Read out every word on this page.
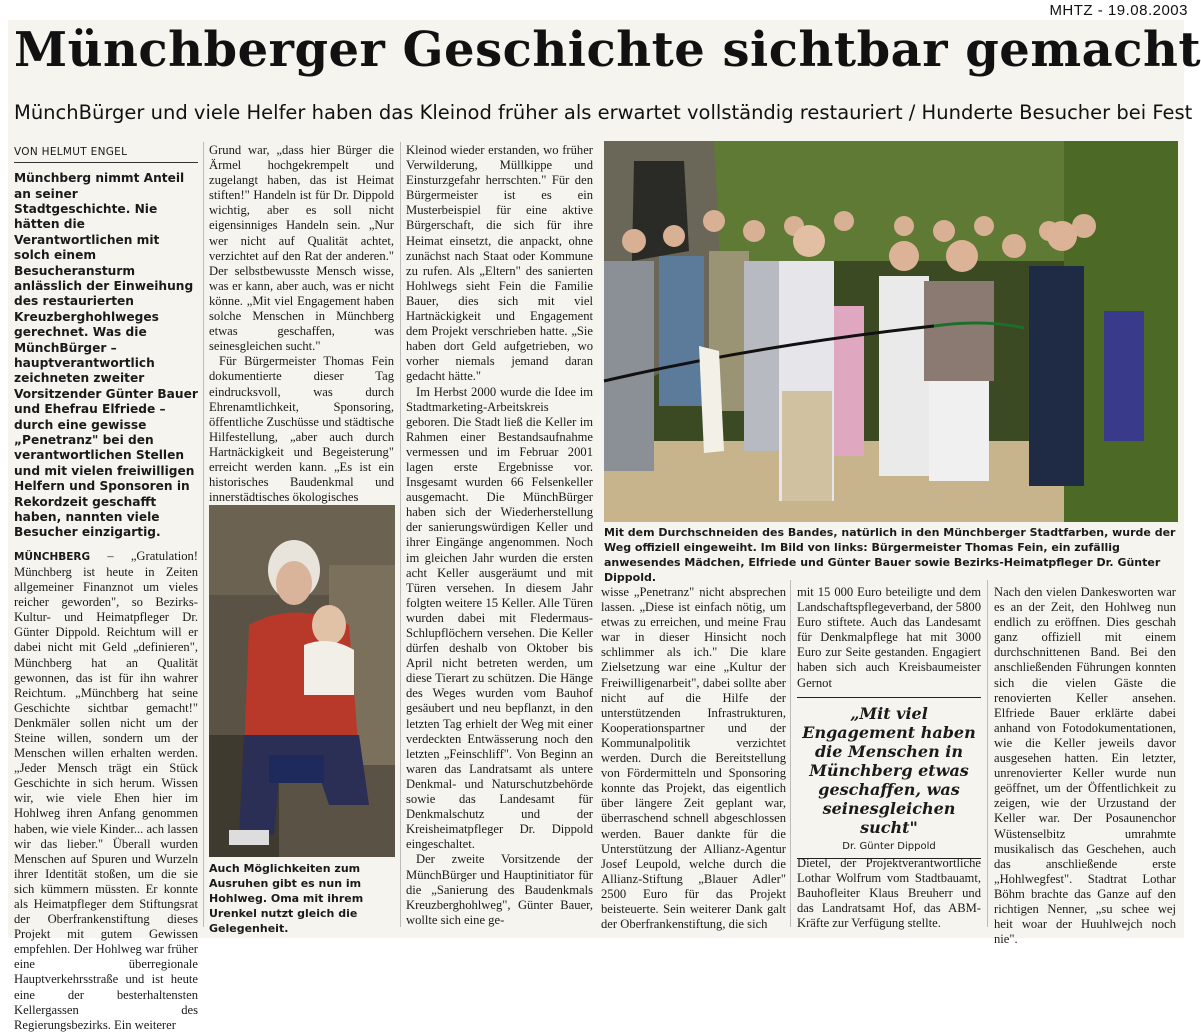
MHTZ - 19.08.2003
Münchberger Geschichte sichtbar gemacht
MünchBürger und viele Helfer haben das Kleinod früher als erwartet vollständig restauriert / Hunderte Besucher bei Fest
VON HELMUT ENGEL
Münchberg nimmt Anteil an seiner Stadtgeschichte. Nie hätten die Verantwortlichen mit solch einem Besucheransturm anlässlich der Einweihung des restaurierten Kreuzberghohlweges gerechnet. Was die MünchBürger – hauptverantwortlich zeichneten zweiter Vorsitzender Günter Bauer und Ehefrau Elfriede – durch eine gewisse „Penetranz" bei den verantwortlichen Stellen und mit vielen freiwilligen Helfern und Sponsoren in Rekordzeit geschafft haben, nannten viele Besucher einzigartig.

MÜNCHBERG – „Gratulation! Münchberg ist heute in Zeiten allgemeiner Finanznot um vieles reicher geworden", so Bezirks-Kultur- und Heimatpfleger Dr. Günter Dippold. Reichtum will er dabei nicht mit Geld „definieren", Münchberg hat an Qualität gewonnen, das ist für ihn wahrer Reichtum. „Münchberg hat seine Geschichte sichtbar gemacht!" Denkmäler sollen nicht um der Steine willen, sondern um der Menschen willen erhalten werden. „Jeder Mensch trägt ein Stück Geschichte in sich herum. Wissen wir, wie viele Ehen hier im Hohlweg ihren Anfang genommen haben, wie viele Kinder... ach lassen wir das lieber." Überall wurden Menschen auf Spuren und Wurzeln ihrer Identität stoßen, um die sie sich kümmern müssten. Er konnte als Heimatpfleger dem Stiftungsrat der Oberfrankenstiftung dieses Projekt mit gutem Gewissen empfehlen. Der Hohlweg war früher eine überregionale Hauptverkehrsstraße und ist heute eine der besterhaltensten Kellergassen des Regierungsbezirks. Ein weiterer

Grund war, „dass hier Bürger die Ärmel hochgekrempelt und zugelangt haben, das ist Heimat stiften!" Handeln ist für Dr. Dippold wichtig, aber es soll nicht eigensinniges Handeln sein. „Nur wer nicht auf Qualität achtet, verzichtet auf den Rat der anderen." Der selbstbewusste Mensch wisse, was er kann, aber auch, was er nicht könne. „Mit viel Engagement haben solche Menschen in Münchberg etwas geschaffen, was seinesgleichen sucht."

Für Bürgermeister Thomas Fein dokumentierte dieser Tag eindrucksvoll, was durch Ehrenamtlichkeit, Sponsoring, öffentliche Zuschüsse und städtische Hilfestellung, „aber auch durch Hartnäckigkeit und Begeisterung" erreicht werden kann. „Es ist ein historisches Baudenkmal und innerstädtisches ökologisches

Auch Möglichkeiten zum Ausruhen gibt es nun im Hohlweg. Oma mit ihrem Urenkel nutzt gleich die Gelegenheit.

Kleinod wieder erstanden, wo früher Verwilderung, Müllkippe und Einsturzgefahr herrschten." Für den Bürgermeister ist es ein Musterbeispiel für eine aktive Bürgerschaft, die sich für ihre Heimat einsetzt, die anpackt, ohne zunächst nach Staat oder Kommune zu rufen. Als „Eltern" des sanierten Hohlwegs sieht Fein die Familie Bauer, dies sich mit viel Hartnäckigkeit und Engagement dem Projekt verschrieben hatte. „Sie haben dort Geld aufgetrieben, wo vorher niemals jemand daran gedacht hätte."

Im Herbst 2000 wurde die Idee im Stadtmarketing-Arbeitskreis geboren. Die Stadt ließ die Keller im Rahmen einer Bestandsaufnahme vermessen und im Februar 2001 lagen erste Ergebnisse vor. Insgesamt wurden 66 Felsenkeller ausgemacht. Die MünchBürger haben sich der Wiederherstellung der sanierungswürdigen Keller und ihrer Eingänge angenommen. Noch im gleichen Jahr wurden die ersten acht Keller ausgeräumt und mit Türen versehen. In diesem Jahr folgten weitere 15 Keller. Alle Türen wurden dabei mit Fledermaus-Schlupflöchern versehen. Die Keller dürfen deshalb von Oktober bis April nicht betreten werden, um diese Tierart zu schützen. Die Hänge des Weges wurden vom Bauhof gesäubert und neu bepflanzt, in den letzten Tag erhielt der Weg mit einer verdeckten Entwässerung noch den letzten „Feinschliff". Von Beginn an waren das Landratsamt als untere Denkmal- und Naturschutzbehörde sowie das Landesamt für Denkmalschutz und der Kreisheimatpfleger Dr. Dippold eingeschaltet.

Der zweite Vorsitzende der MünchBürger und Hauptinitiator für die „Sanierung des Baudenkmals Kreuzberghohlweg", Günter Bauer, wollte sich eine ge-

Mit dem Durchschneiden des Bandes, natürlich in den Münchberger Stadtfarben, wurde der Weg offiziell eingeweiht. Im Bild von links: Bürgermeister Thomas Fein, ein zufällig anwesendes Mädchen, Elfriede und Günter Bauer sowie Bezirks-Heimatpfleger Dr. Günter Dippold.

wisse „Penetranz" nicht absprechen lassen. „Diese ist einfach nötig, um etwas zu erreichen, und meine Frau war in dieser Hinsicht noch schlimmer als ich." Die klare Zielsetzung war eine „Kultur der Freiwilligenarbeit", dabei sollte aber nicht auf die Hilfe der unterstützenden Infrastrukturen, Kooperationspartner und der Kommunalpolitik verzichtet werden. Durch die Bereitstellung von Fördermitteln und Sponsoring konnte das Projekt, das eigentlich über längere Zeit geplant war, überraschend schnell abgeschlossen werden. Bauer dankte für die Unterstützung der Allianz-Agentur Josef Leupold, welche durch die Allianz-Stiftung „Blauer Adler" 2500 Euro für das Projekt beisteuerte. Sein weiterer Dank galt der Oberfrankenstiftung, die sich

mit 15 000 Euro beteiligte und dem Landschaftspflegeverband, der 5800 Euro stiftete. Auch das Landesamt für Denkmalpflege hat mit 3000 Euro zur Seite gestanden. Engagiert haben sich auch Kreisbaumeister Gernot

„Mit viel Engagement haben die Menschen in Münchberg etwas geschaffen, was seinesgleichen sucht"
Dr. Günter Dippold

Dietel, der Projektverantwortliche Lothar Wolfrum vom Stadtbauamt, Bauhofleiter Klaus Breuherr und das Landratsamt Hof, das ABM-Kräfte zur Verfügung stellte.

Nach den vielen Dankesworten war es an der Zeit, den Hohlweg nun endlich zu eröffnen. Dies geschah ganz offiziell mit einem durchschnittenen Band. Bei den anschließenden Führungen konnten sich die vielen Gäste die renovierten Keller ansehen. Elfriede Bauer erklärte dabei anhand von Fotodokumentationen, wie die Keller jeweils davor ausgesehen hatten. Ein letzter, unrenovierter Keller wurde nun geöffnet, um der Öffentlichkeit zu zeigen, wie der Urzustand der Keller war. Der Posaunenchor Wüstenselbitz umrahmte musikalisch das Geschehen, auch das anschließende erste „Hohlwegfest". Stadtrat Lothar Böhm brachte das Ganze auf den richtigen Nenner, „su schee wej heit woar der Huuhlwejch noch nie".
